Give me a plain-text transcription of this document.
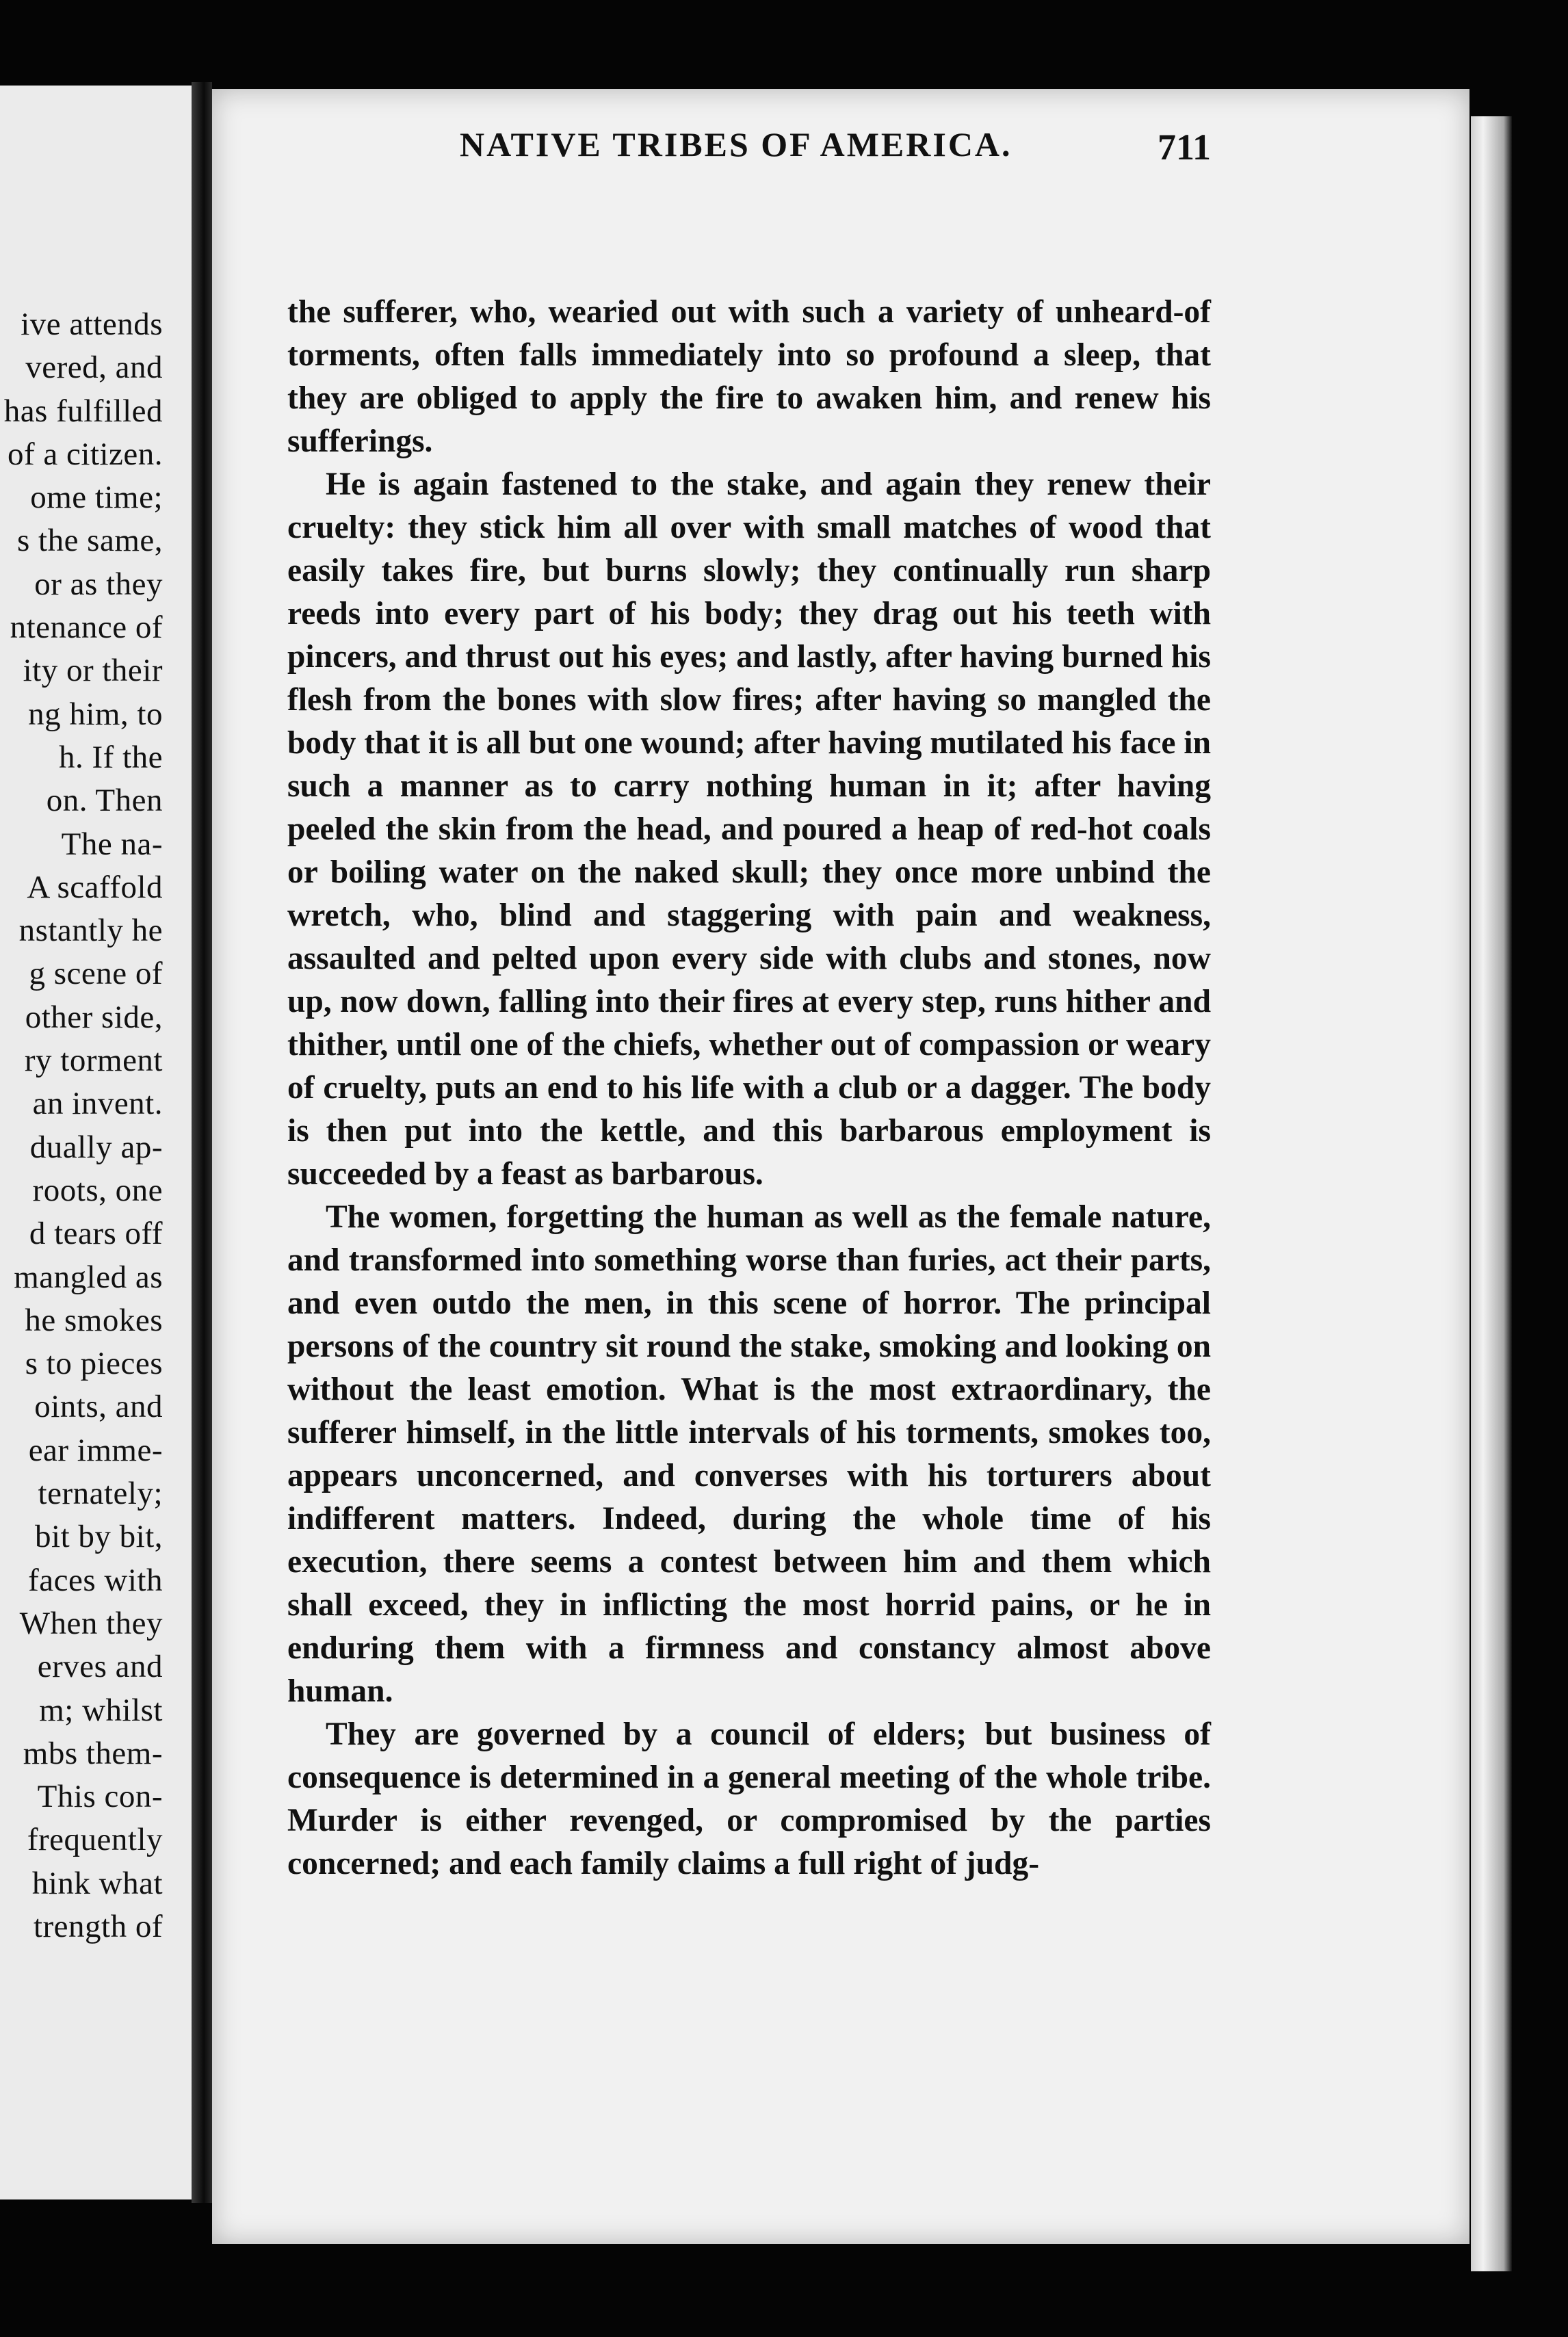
ive attends
vered, and
has fulfilled
of a citizen.
ome time;
s the same,
or as they
ntenance of
ity or their
ng him, to
h. If the
on. Then
The na-
A scaffold
nstantly he
g scene of
other side,
ry torment
an invent.
dually ap-
roots, one
d tears off
mangled as
he smokes
s to pieces
oints, and
ear imme-
ternately;
bit by bit,
faces with
When they
erves and
m; whilst
mbs them-
This con-
frequently
hink what
trength of
NATIVE TRIBES OF AMERICA.	711

the sufferer, who, wearied out with such a variety of unheard-of torments, often falls immediately into so profound a sleep, that they are obliged to apply the fire to awaken him, and renew his sufferings.

He is again fastened to the stake, and again they renew their cruelty: they stick him all over with small matches of wood that easily takes fire, but burns slowly; they continually run sharp reeds into every part of his body; they drag out his teeth with pincers, and thrust out his eyes; and lastly, after having burned his flesh from the bones with slow fires; after having so mangled the body that it is all but one wound; after having mutilated his face in such a manner as to carry nothing human in it; after having peeled the skin from the head, and poured a heap of red-hot coals or boiling water on the naked skull; they once more unbind the wretch, who, blind and staggering with pain and weakness, assaulted and pelted upon every side with clubs and stones, now up, now down, falling into their fires at every step, runs hither and thither, until one of the chiefs, whether out of compassion or weary of cruelty, puts an end to his life with a club or a dagger. The body is then put into the kettle, and this barbarous employment is succeeded by a feast as barbarous.

The women, forgetting the human as well as the female nature, and transformed into something worse than furies, act their parts, and even outdo the men, in this scene of horror. The principal persons of the country sit round the stake, smoking and looking on without the least emotion. What is the most extraordinary, the sufferer himself, in the little intervals of his torments, smokes too, appears unconcerned, and converses with his torturers about indifferent matters. Indeed, during the whole time of his execution, there seems a contest between him and them which shall exceed, they in inflicting the most horrid pains, or he in enduring them with a firmness and constancy almost above human.

They are governed by a council of elders; but business of consequence is determined in a general meeting of the whole tribe. Murder is either revenged, or compromised by the parties concerned; and each family claims a full right of judg-
